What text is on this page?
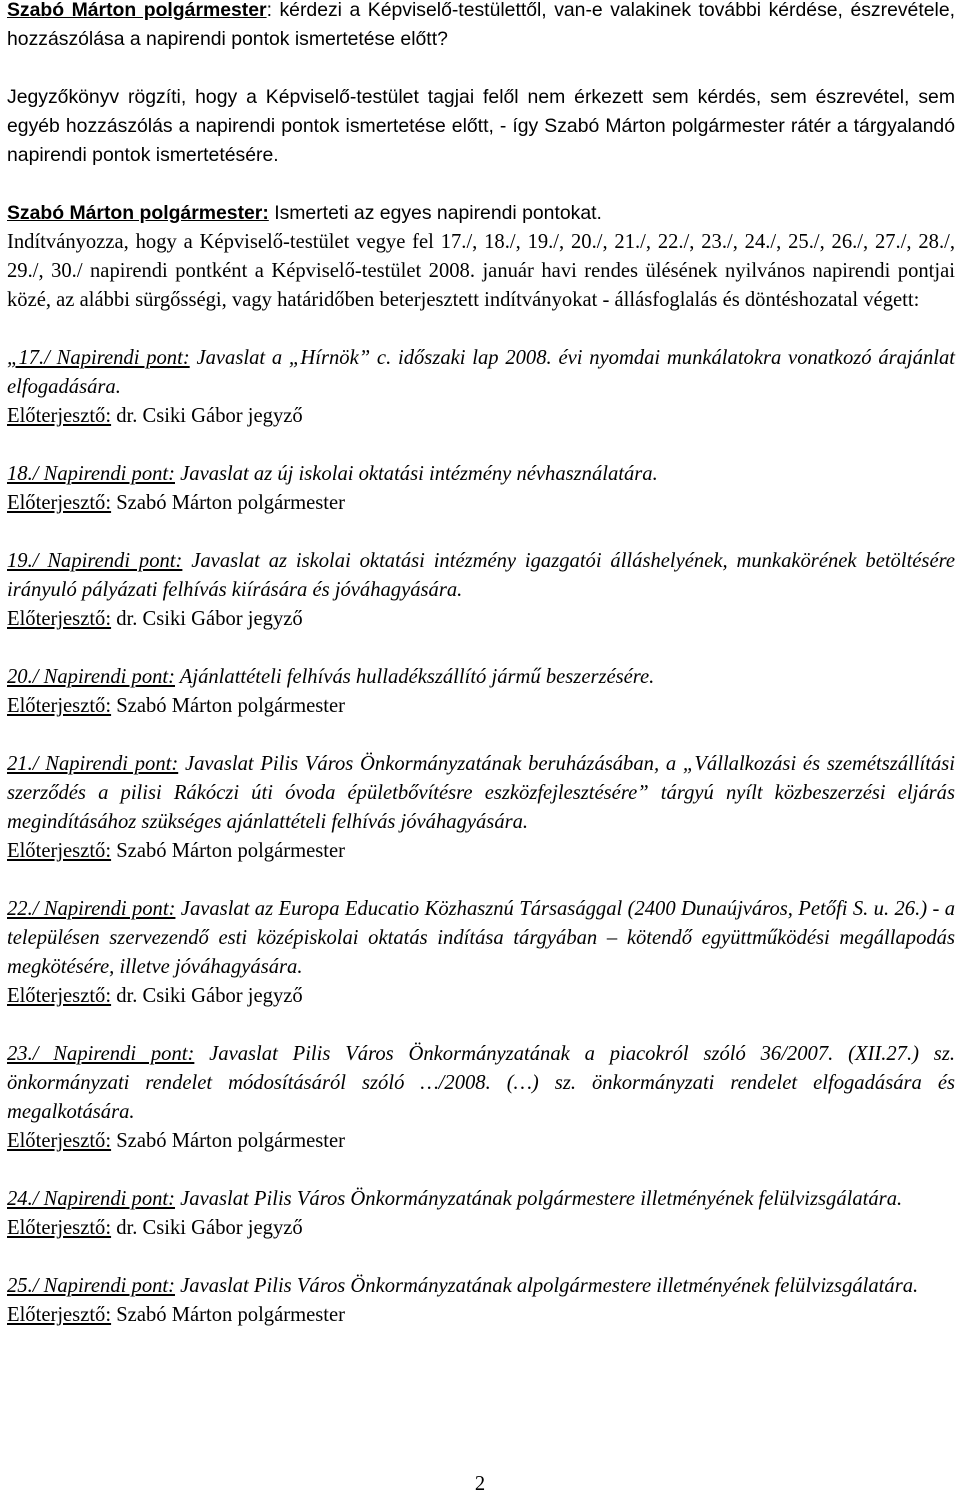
Szabó Márton polgármester: kérdezi a Képviselő-testülettől, van-e valakinek további kérdése, észrevétele, hozzászólása a napirendi pontok ismertetése előtt?

Jegyzőkönyv rögzíti, hogy a Képviselő-testület tagjai felől nem érkezett sem kérdés, sem észrevétel, sem egyéb hozzászólás a napirendi pontok ismertetése előtt, - így Szabó Márton polgármester rátér a tárgyalandó napirendi pontok ismertetésére.

Szabó Márton polgármester: Ismerteti az egyes napirendi pontokat.

Indítványozza, hogy a Képviselő-testület vegye fel 17./, 18./, 19./, 20./, 21./, 22./, 23./, 24./, 25./, 26./, 27./, 28./, 29./, 30./ napirendi pontként a Képviselő-testület 2008. január havi rendes ülésének nyilvános napirendi pontjai közé, az alábbi sürgősségi, vagy határidőben beterjesztett indítványokat - állásfoglalás és döntéshozatal végett:

„17./ Napirendi pont: Javaslat a „Hírnök” c. időszaki lap 2008. évi nyomdai munkálatokra vonatkozó árajánlat elfogadására.

Előterjesztő: dr. Csiki Gábor jegyző

18./ Napirendi pont: Javaslat az új iskolai oktatási intézmény névhasználatára.

Előterjesztő: Szabó Márton polgármester

19./ Napirendi pont: Javaslat az iskolai oktatási intézmény igazgatói álláshelyének, munkakörének betöltésére irányuló pályázati felhívás kiírására és jóváhagyására.

Előterjesztő: dr. Csiki Gábor jegyző

20./ Napirendi pont: Ajánlattételi felhívás hulladékszállító jármű beszerzésére.

Előterjesztő: Szabó Márton polgármester

21./ Napirendi pont: Javaslat Pilis Város Önkormányzatának beruházásában, a „Vállalkozási és szemétszállítási szerződés a pilisi Rákóczi úti óvoda épületbővítésre eszközfejlesztésére” tárgyú nyílt közbeszerzési eljárás megindításához szükséges ajánlattételi felhívás jóváhagyására.

Előterjesztő: Szabó Márton polgármester

22./ Napirendi pont: Javaslat az Europa Educatio Közhasznú Társasággal (2400 Dunaújváros, Petőfi S. u. 26.) - a településen szervezendő esti középiskolai oktatás indítása tárgyában – kötendő együttműködési megállapodás megkötésére, illetve jóváhagyására.

Előterjesztő: dr. Csiki Gábor jegyző

23./ Napirendi pont: Javaslat Pilis Város Önkormányzatának a piacokról szóló 36/2007. (XII.27.) sz. önkormányzati rendelet módosításáról szóló …/2008. (…) sz. önkormányzati rendelet elfogadására és megalkotására.

Előterjesztő: Szabó Márton polgármester

24./ Napirendi pont: Javaslat Pilis Város Önkormányzatának polgármestere illetményének felülvizsgálatára.

Előterjesztő: dr. Csiki Gábor jegyző

25./ Napirendi pont: Javaslat Pilis Város Önkormányzatának alpolgármestere illetményének felülvizsgálatára.

Előterjesztő: Szabó Márton polgármester

2
